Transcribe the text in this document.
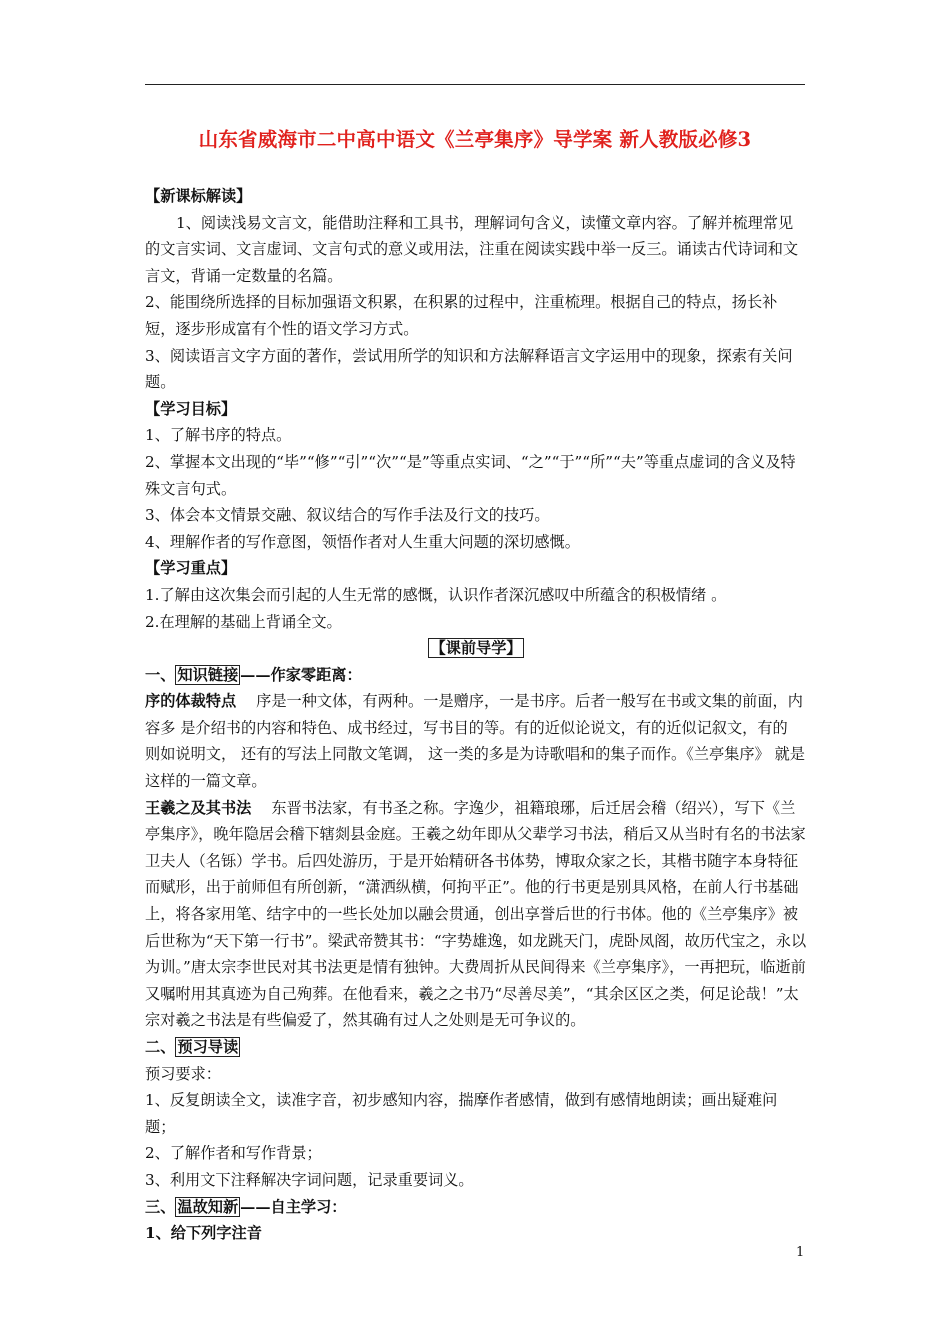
山东省威海市二中高中语文《兰亭集序》导学案 新人教版必修3

【新课标解读】

1、阅读浅易文言文，能借助注释和工具书，理解词句含义，读懂文章内容。了解并梳理常见的文言实词、文言虚词、文言句式的意义或用法，注重在阅读实践中举一反三。诵读古代诗词和文言文，背诵一定数量的名篇。

2、能围绕所选择的目标加强语文积累，在积累的过程中，注重梳理。根据自己的特点，扬长补短，逐步形成富有个性的语文学习方式。

3、阅读语言文字方面的著作，尝试用所学的知识和方法解释语言文字运用中的现象，探索有关问题。

【学习目标】

1、了解书序的特点。

2、掌握本文出现的“毕”“修”“引”“次”“是”等重点实词、“之”“于”“所”“夫”等重点虚词的含义及特殊文言句式。

3、体会本文情景交融、叙议结合的写作手法及行文的技巧。

4、理解作者的写作意图，领悟作者对人生重大问题的深切感慨。

【学习重点】

1.了解由这次集会而引起的人生无常的感慨，认识作者深沉感叹中所蕴含的积极情绪 。

2.在理解的基础上背诵全文。

【课前导学】

一、 知识链接 ——作家零距离：

序的体裁特点 序是一种文体，有两种。一是赠序，一是书序。后者一般写在书或文集的前面，内容多 是介绍书的内容和特色、成书经过，写书目的等。有的近似论说文，有的近似记叙文，有的 则如说明文， 还有的写法上同散文笔调， 这一类的多是为诗歌唱和的集子而作。《兰亭集序》 就是这样的一篇文章。

王羲之及其书法 东晋书法家，有书圣之称。字逸少，祖籍琅琊，后迁居会稽（绍兴），写下《兰亭集序》，晚年隐居会稽下辖剡县金庭。王羲之幼年即从父辈学习书法，稍后又从当时有名的书法家卫夫人（名铄）学书。后四处游历，于是开始精研各书体势，博取众家之长，其楷书随字本身特征而赋形，出于前师但有所创新，“潇洒纵横，何拘平正”。他的行书更是别具风格，在前人行书基础上，将各家用笔、结字中的一些长处加以融会贯通，创出享誉后世的行书体。他的《兰亭集序》被后世称为“天下第一行书”。梁武帝赞其书：“字势雄逸，如龙跳天门，虎卧凤阁，故历代宝之，永以为训。”唐太宗李世民对其书法更是情有独钟。大费周折从民间得来《兰亭集序》，一再把玩，临逝前又嘱咐用其真迹为自己殉葬。在他看来，羲之之书乃“尽善尽美”，“其余区区之类，何足论哉！”太宗对羲之书法是有些偏爱了，然其确有过人之处则是无可争议的。

二、 预习导读

预习要求：

1、反复朗读全文，读准字音，初步感知内容，揣摩作者感情，做到有感情地朗读；画出疑难问题；

2、了解作者和写作背景；

3、利用文下注释解决字词问题，记录重要词义。

三、 温故知新 ——自主学习：

1、给下列字注音

1
